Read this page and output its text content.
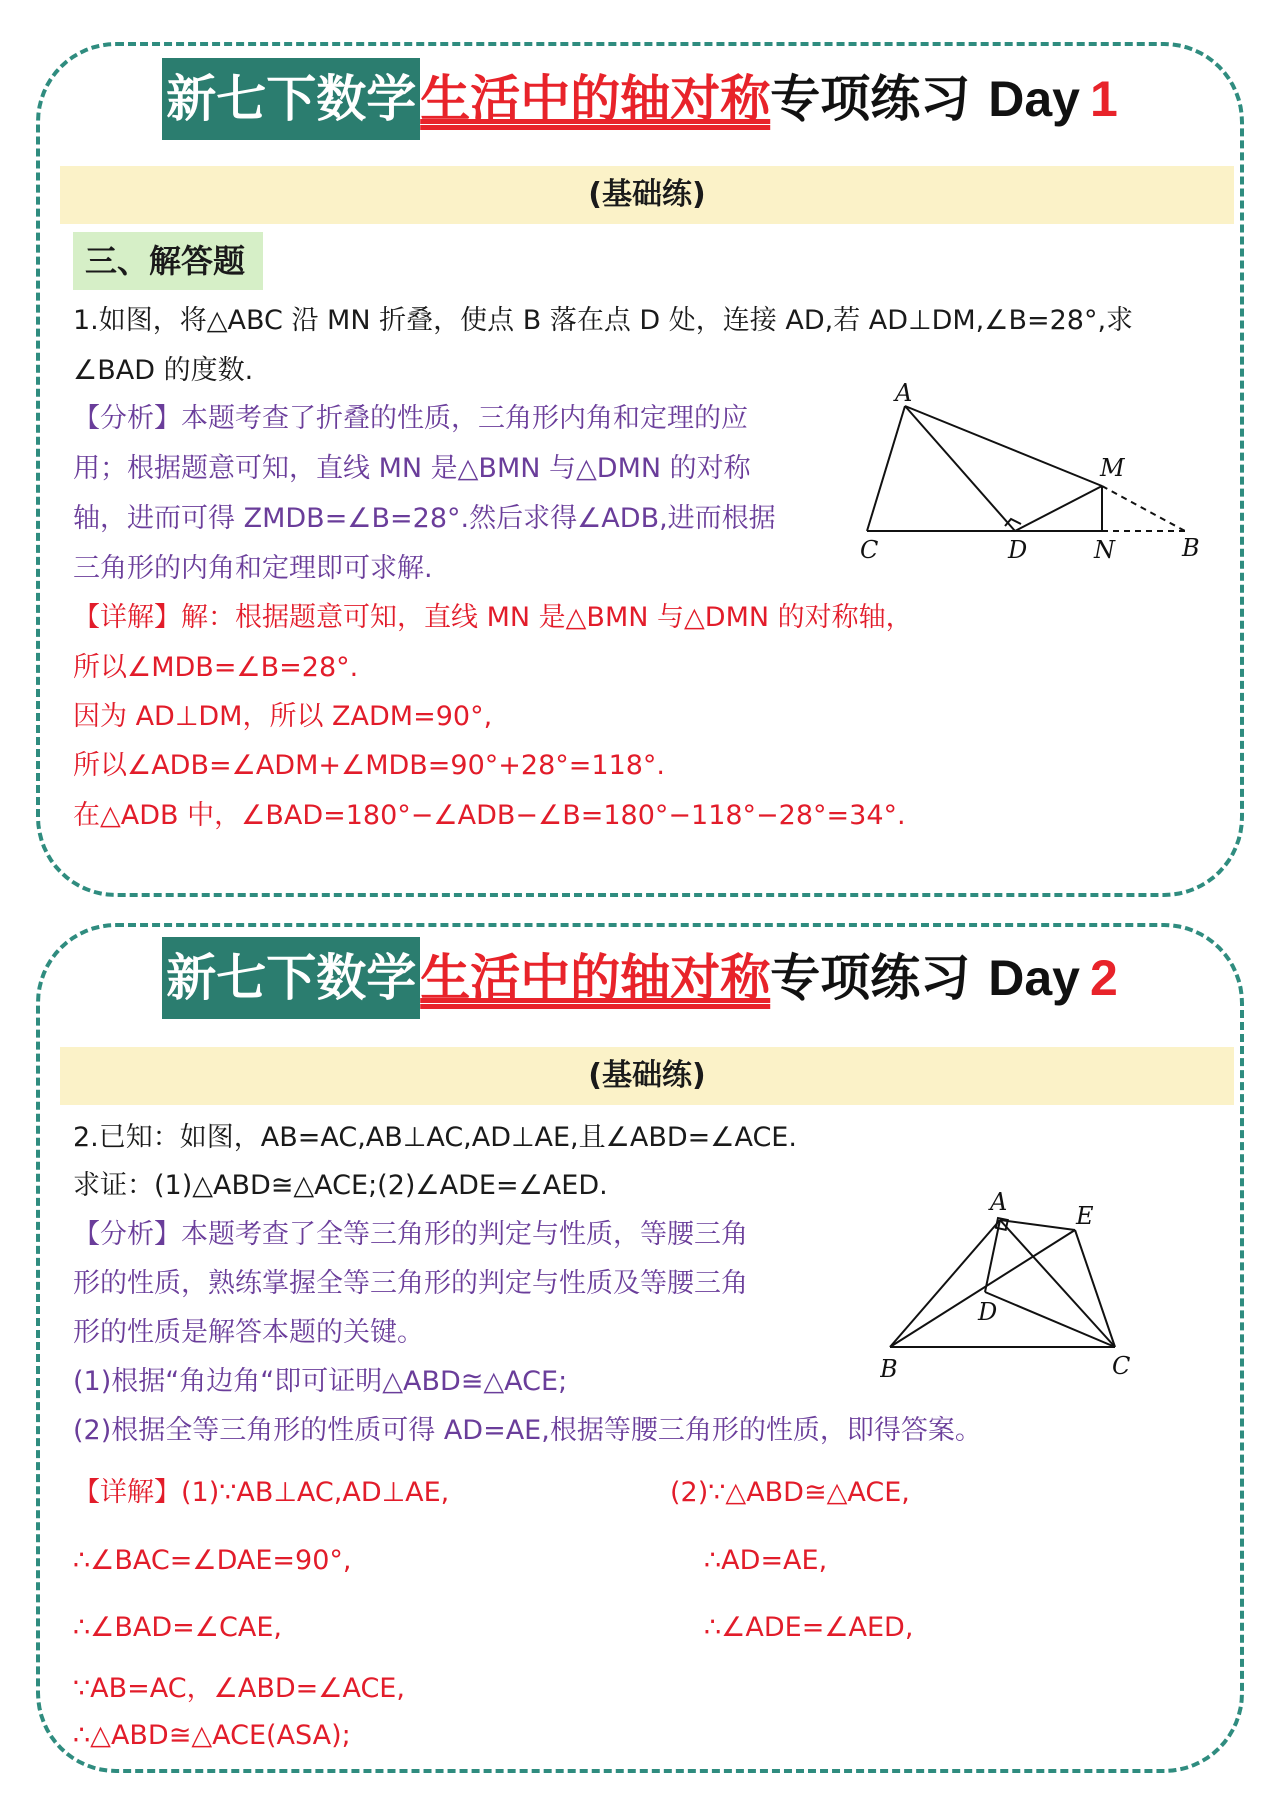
新七下数学生活中的轴对称专项练习 Day 1
(基础练)
三、解答题
1.如图，将△ABC 沿 MN 折叠，使点 B 落在点 D 处，连接 AD,若 AD⊥DM,∠B=28°,求
∠BAD 的度数.
【分析】本题考查了折叠的性质，三角形内角和定理的应
用；根据题意可知，直线 MN 是△BMN 与△DMN 的对称
轴，进而可得 ZMDB=∠B=28°.然后求得∠ADB,进而根据
三角形的内角和定理即可求解.
【详解】解：根据题意可知，直线 MN 是△BMN 与△DMN 的对称轴，
所以∠MDB=∠B=28°.
因为 AD⊥DM，所以 ZADM=90°,
所以∠ADB=∠ADM+∠MDB=90°+28°=118°.
在△ADB 中，∠BAD=180°−∠ADB−∠B=180°−118°−28°=34°.
A
M
C	D	N	B
新七下数学生活中的轴对称专项练习 Day 2
(基础练)
2.已知：如图，AB=AC,AB⊥AC,AD⊥AE,且∠ABD=∠ACE.
求证：(1)△ABD≅△ACE;(2)∠ADE=∠AED.
【分析】本题考查了全等三角形的判定与性质，等腰三角
形的性质，熟练掌握全等三角形的判定与性质及等腰三角
形的性质是解答本题的关键。
(1)根据“角边角“即可证明△ABD≅△ACE;
(2)根据全等三角形的性质可得 AD=AE,根据等腰三角形的性质，即得答案。
【详解】(1)∵AB⊥AC,AD⊥AE,
∴∠BAC=∠DAE=90°,
∴∠BAD=∠CAE,
∵AB=AC，∠ABD=∠ACE,
∴△ABD≅△ACE(ASA);
(2)∵△ABD≅△ACE,
∴AD=AE,
∴∠ADE=∠AED,
A	E
D
B	C
